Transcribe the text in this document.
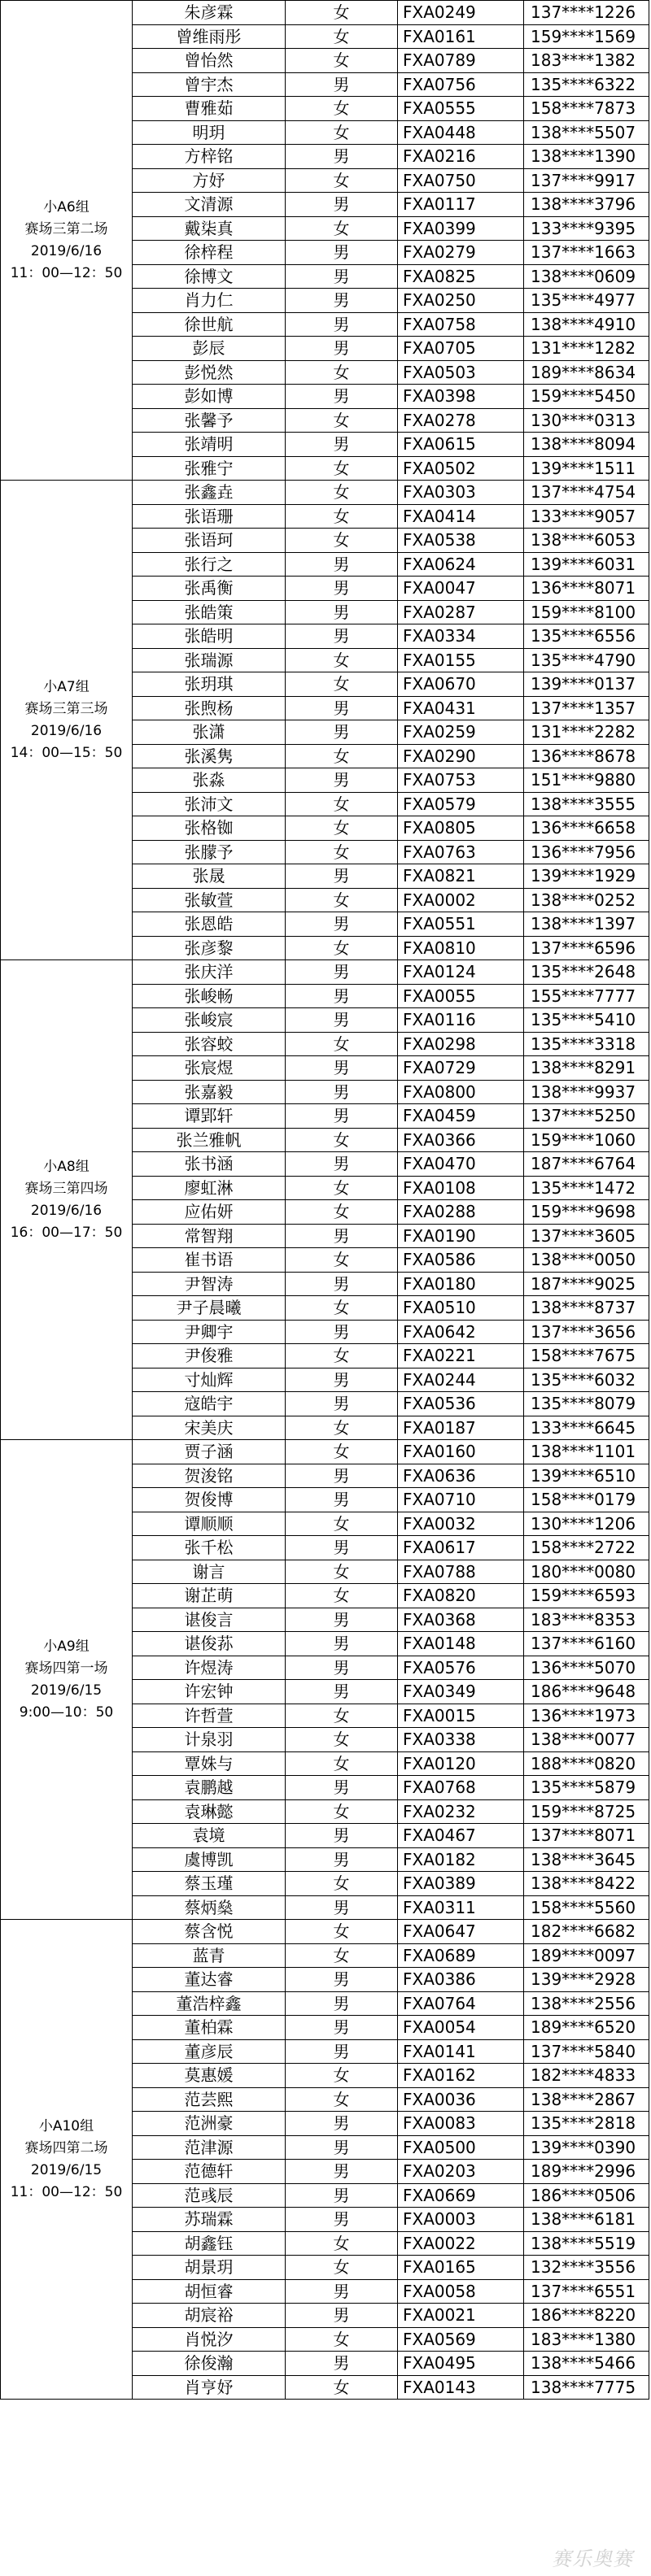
小A6组
赛场三第二场
2019/6/16
11：00—12：50	朱彦霖	女	FXA0249	137****1226
	曾维雨彤	女	FXA0161	159****1569
	曾怡然	女	FXA0789	183****1382
	曾宇杰	男	FXA0756	135****6322
	曹雅茹	女	FXA0555	158****7873
	明玥	女	FXA0448	138****5507
	方梓铭	男	FXA0216	138****1390
	方妤	女	FXA0750	137****9917
	文清源	男	FXA0117	138****3796
	戴柒真	女	FXA0399	133****9395
	徐梓程	男	FXA0279	137****1663
	徐博文	男	FXA0825	138****0609
	肖力仁	男	FXA0250	135****4977
	徐世航	男	FXA0758	138****4910
	彭辰	男	FXA0705	131****1282
	彭悦然	女	FXA0503	189****8634
	彭如博	男	FXA0398	159****5450
	张馨予	女	FXA0278	130****0313
	张靖明	男	FXA0615	138****8094
	张雅宁	女	FXA0502	139****1511

小A7组
赛场三第三场
2019/6/16
14：00—15：50	张鑫垚	女	FXA0303	137****4754
	张语珊	女	FXA0414	133****9057
	张语珂	女	FXA0538	138****6053
	张行之	男	FXA0624	139****6031
	张禹衡	男	FXA0047	136****8071
	张皓策	男	FXA0287	159****8100
	张皓明	男	FXA0334	135****6556
	张瑞源	女	FXA0155	135****4790
	张玥琪	女	FXA0670	139****0137
	张煦杨	男	FXA0431	137****1357
	张潇	男	FXA0259	131****2282
	张溪隽	女	FXA0290	136****8678
	张淼	男	FXA0753	151****9880
	张沛文	女	FXA0579	138****3555
	张格铷	女	FXA0805	136****6658
	张朦予	女	FXA0763	136****7956
	张晟	男	FXA0821	139****1929
	张敏萱	女	FXA0002	138****0252
	张恩皓	男	FXA0551	138****1397
	张彦黎	女	FXA0810	137****6596

小A8组
赛场三第四场
2019/6/16
16：00—17：50	张庆洋	男	FXA0124	135****2648
	张峻畅	男	FXA0055	155****7777
	张峻宸	男	FXA0116	135****5410
	张容蛟	女	FXA0298	135****3318
	张宸煜	男	FXA0729	138****8291
	张嘉毅	男	FXA0800	138****9937
	谭郢轩	男	FXA0459	137****5250
	张兰雅帆	女	FXA0366	159****1060
	张书涵	男	FXA0470	187****6764
	廖虹淋	女	FXA0108	135****1472
	应佑妍	女	FXA0288	159****9698
	常智翔	男	FXA0190	137****3605
	崔书语	女	FXA0586	138****0050
	尹智涛	男	FXA0180	187****9025
	尹子晨曦	女	FXA0510	138****8737
	尹卿宇	男	FXA0642	137****3656
	尹俊雅	女	FXA0221	158****7675
	寸灿辉	男	FXA0244	135****6032
	寇皓宇	男	FXA0536	135****8079
	宋美庆	女	FXA0187	133****6645

小A9组
赛场四第一场
2019/6/15
9:00—10：50	贾子涵	女	FXA0160	138****1101
	贺浚铭	男	FXA0636	139****6510
	贺俊博	男	FXA0710	158****0179
	谭顺顺	女	FXA0032	130****1206
	张千松	男	FXA0617	158****2722
	谢言	女	FXA0788	180****0080
	谢芷萌	女	FXA0820	159****6593
	谌俊言	男	FXA0368	183****8353
	谌俊荪	男	FXA0148	137****6160
	许煜涛	男	FXA0576	136****5070
	许宏钟	男	FXA0349	186****9648
	许哲萱	女	FXA0015	136****1973
	计泉羽	女	FXA0338	138****0077
	覃姝与	女	FXA0120	188****0820
	袁鹏越	男	FXA0768	135****5879
	袁琳懿	女	FXA0232	159****8725
	袁境	男	FXA0467	137****8071
	虞博凯	男	FXA0182	138****3645
	蔡玉瑾	女	FXA0389	138****8422
	蔡炳燊	男	FXA0311	158****5560

小A10组
赛场四第二场
2019/6/15
11：00—12：50	蔡含悦	女	FXA0647	182****6682
	蓝青	女	FXA0689	189****0097
	董达睿	男	FXA0386	139****2928
	董浩梓鑫	男	FXA0764	138****2556
	董柏霖	男	FXA0054	189****6520
	董彦辰	男	FXA0141	137****5840
	莫惠媛	女	FXA0162	182****4833
	范芸熙	女	FXA0036	138****2867
	范洲豪	男	FXA0083	135****2818
	范津源	男	FXA0500	139****0390
	范德轩	男	FXA0203	189****2996
	范彧辰	男	FXA0669	186****0506
	苏瑞霖	男	FXA0003	138****6181
	胡鑫钰	女	FXA0022	138****5519
	胡景玥	女	FXA0165	132****3556
	胡恒睿	男	FXA0058	137****6551
	胡宸裕	男	FXA0021	186****8220
	肖悦汐	女	FXA0569	183****1380
	徐俊瀚	男	FXA0495	138****5466
	肖亨妤	女	FXA0143	138****7775
赛乐奥赛
